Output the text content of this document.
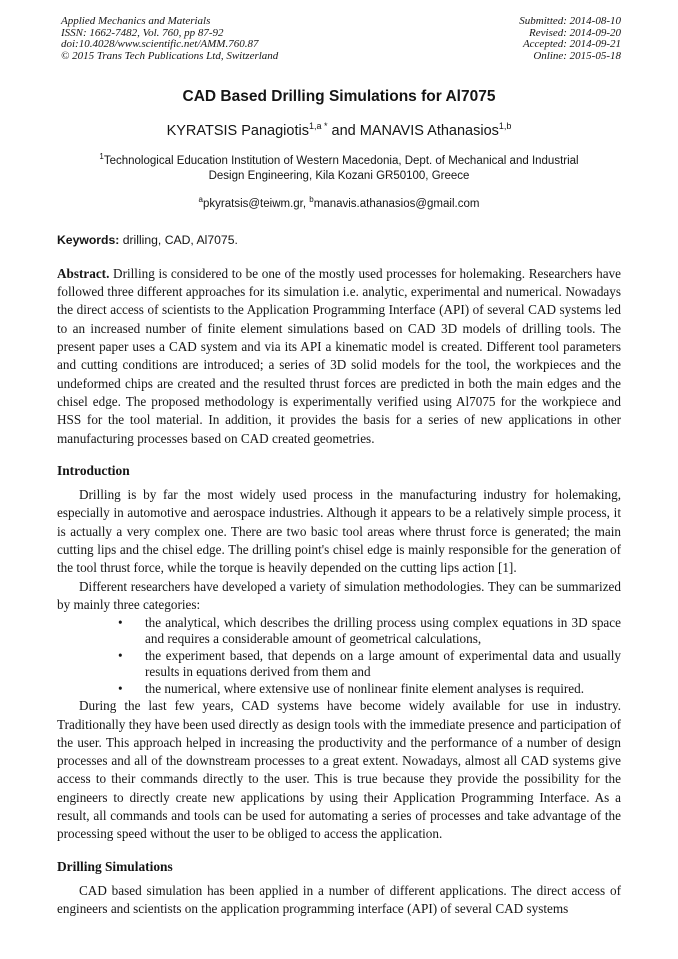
Applied Mechanics and Materials
ISSN: 1662-7482, Vol. 760, pp 87-92
doi:10.4028/www.scientific.net/AMM.760.87
© 2015 Trans Tech Publications Ltd, Switzerland
Submitted: 2014-08-10
Revised: 2014-09-20
Accepted: 2014-09-21
Online: 2015-05-18
CAD Based Drilling Simulations for Al7075
KYRATSIS Panagiotis$^{1,a *}$ and MANAVIS Athanasios$^{1,b}$
$^1$Technological Education Institution of Western Macedonia, Dept. of Mechanical and Industrial
Design Engineering, Kila Kozani GR50100, Greece
$^a$pkyratsis@teiwm.gr, $^b$manavis.athanasios@gmail.com
Keywords: drilling, CAD, Al7075.

Abstract. Drilling is considered to be one of the mostly used processes for holemaking. Researchers have followed three different approaches for its simulation i.e. analytic, experimental and numerical. Nowadays the direct access of scientists to the Application Programming Interface (API) of several CAD systems led to an increased number of finite element simulations based on CAD 3D models of drilling tools. The present paper uses a CAD system and via its API a kinematic model is created. Different tool parameters and cutting conditions are introduced; a series of 3D solid models for the tool, the workpieces and the undeformed chips are created and the resulted thrust forces are predicted in both the main edges and the chisel edge. The proposed methodology is experimentally verified using Al7075 for the workpiece and HSS for the tool material. In addition, it provides the basis for a series of new applications in other manufacturing processes based on CAD created geometries.

Introduction

Drilling is by far the most widely used process in the manufacturing industry for holemaking, especially in automotive and aerospace industries. Although it appears to be a relatively simple process, it is actually a very complex one. There are two basic tool areas where thrust force is generated; the main cutting lips and the chisel edge. The drilling point's chisel edge is mainly responsible for the generation of the tool thrust force, while the torque is heavily depended on the cutting lips action [1].

Different researchers have developed a variety of simulation methodologies. They can be summarized by mainly three categories:

• the analytical, which describes the drilling process using complex equations in 3D space and requires a considerable amount of geometrical calculations,
• the experiment based, that depends on a large amount of experimental data and usually results in equations derived from them and
• the numerical, where extensive use of nonlinear finite element analyses is required.

During the last few years, CAD systems have become widely available for use in industry. Traditionally they have been used directly as design tools with the immediate presence and participation of the user. This approach helped in increasing the productivity and the performance of a number of design processes and all of the downstream processes to a great extent. Nowadays, almost all CAD systems give access to their commands directly to the user. This is true because they provide the possibility for the engineers to directly create new applications by using their Application Programming Interface. As a result, all commands and tools can be used for automating a series of processes and take advantage of the processing speed without the user to be obliged to access the application.

Drilling Simulations

CAD based simulation has been applied in a number of different applications. The direct access of engineers and scientists on the application programming interface (API) of several CAD systems
